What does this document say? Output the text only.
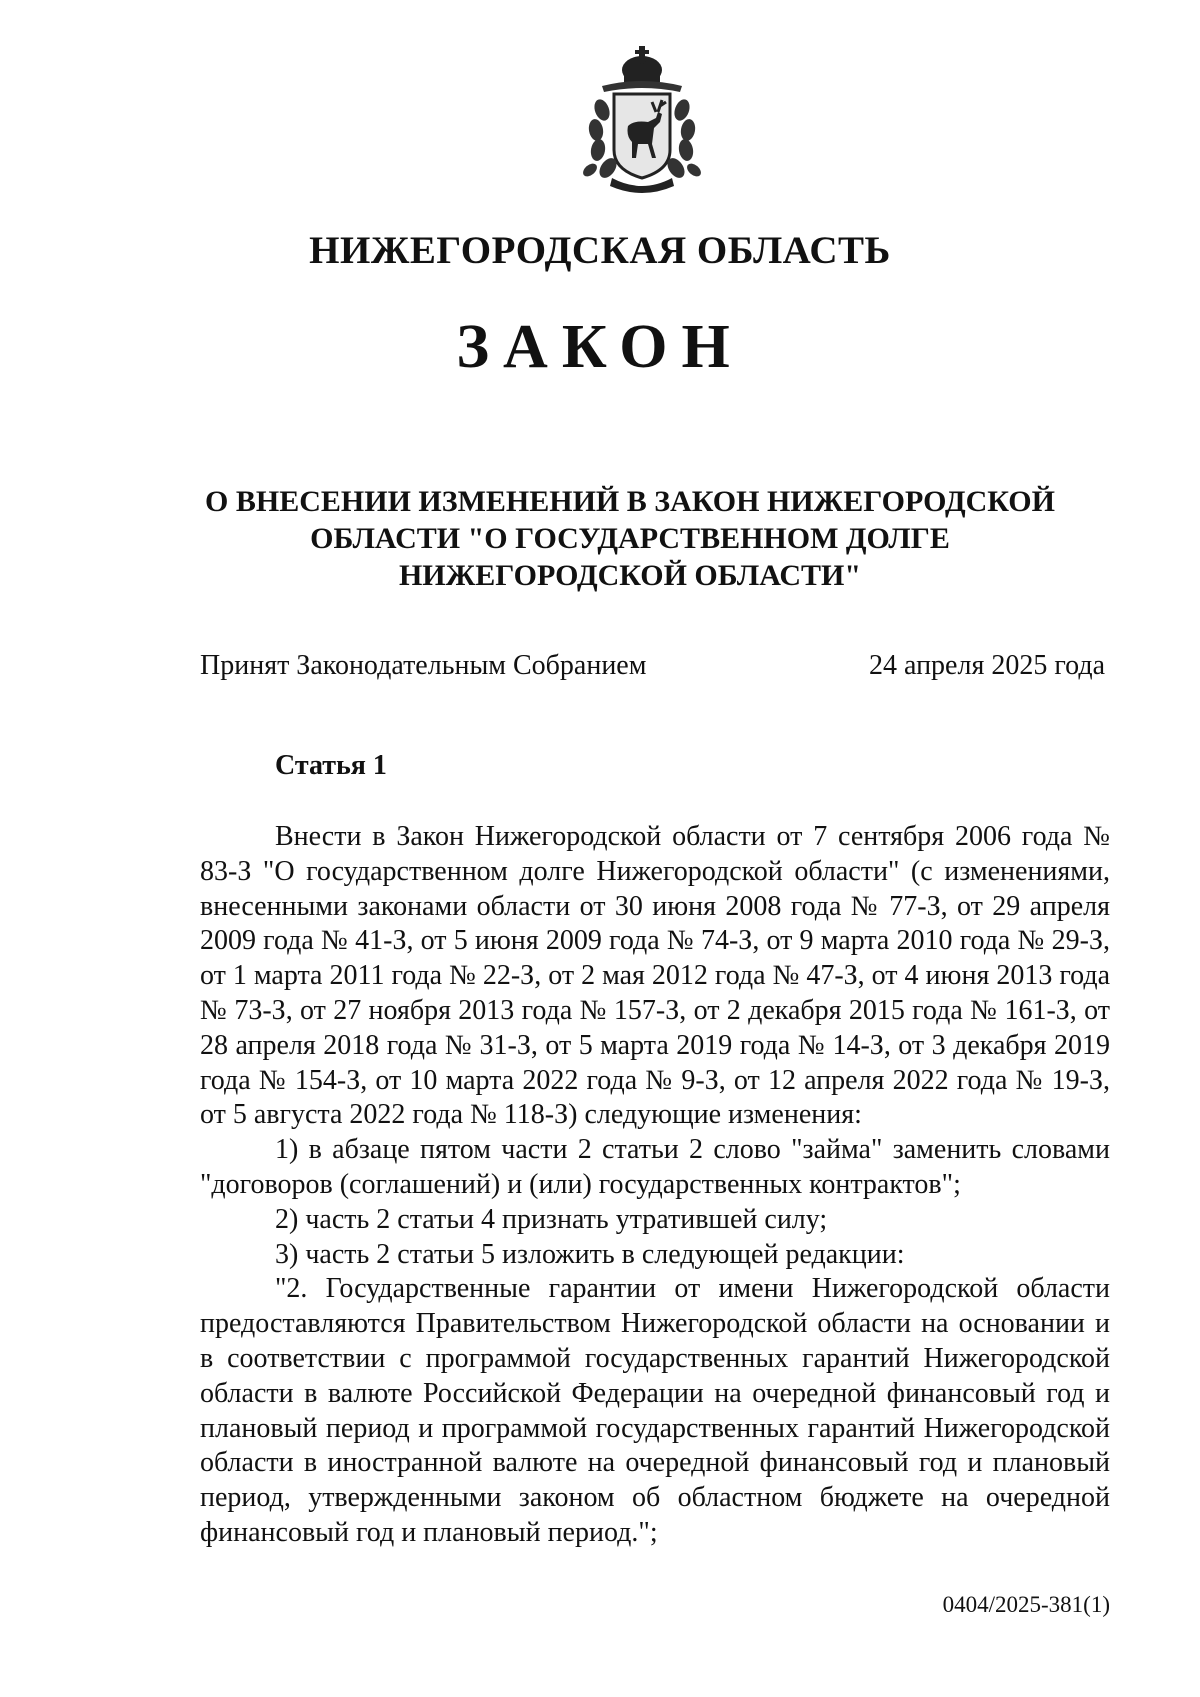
НИЖЕГОРОДСКАЯ ОБЛАСТЬ
ЗАКОН
О ВНЕСЕНИИ ИЗМЕНЕНИЙ В ЗАКОН НИЖЕГОРОДСКОЙ
ОБЛАСТИ "О ГОСУДАРСТВЕННОМ ДОЛГЕ
НИЖЕГОРОДСКОЙ ОБЛАСТИ"
Принят Законодательным Собранием	24 апреля 2025 года
Статья 1

Внести в Закон Нижегородской области от 7 сентября 2006 года № 83-З "О государственном долге Нижегородской области" (с изменениями, внесенными законами области от 30 июня 2008 года № 77-З, от 29 апреля 2009 года № 41-З, от 5 июня 2009 года № 74-З, от 9 марта 2010 года № 29-З, от 1 марта 2011 года № 22-З, от 2 мая 2012 года № 47-З, от 4 июня 2013 года № 73-З, от 27 ноября 2013 года № 157-З, от 2 декабря 2015 года № 161-З, от 28 апреля 2018 года № 31-З, от 5 марта 2019 года № 14-З, от 3 декабря 2019 года № 154-З, от 10 марта 2022 года № 9-З, от 12 апреля 2022 года № 19-З, от 5 августа 2022 года № 118-З) следующие изменения:

1) в абзаце пятом части 2 статьи 2 слово "займа" заменить словами "договоров (соглашений) и (или) государственных контрактов";

2) часть 2 статьи 4 признать утратившей силу;

3) часть 2 статьи 5 изложить в следующей редакции:

"2. Государственные гарантии от имени Нижегородской области предоставляются Правительством Нижегородской области на основании и в соответствии с программой государственных гарантий Нижегородской области в валюте Российской Федерации на очередной финансовый год и плановый период и программой государственных гарантий Нижегородской области в иностранной валюте на очередной финансовый год и плановый период, утвержденными законом об областном бюджете на очередной финансовый год и плановый период.";

0404/2025-381(1)
